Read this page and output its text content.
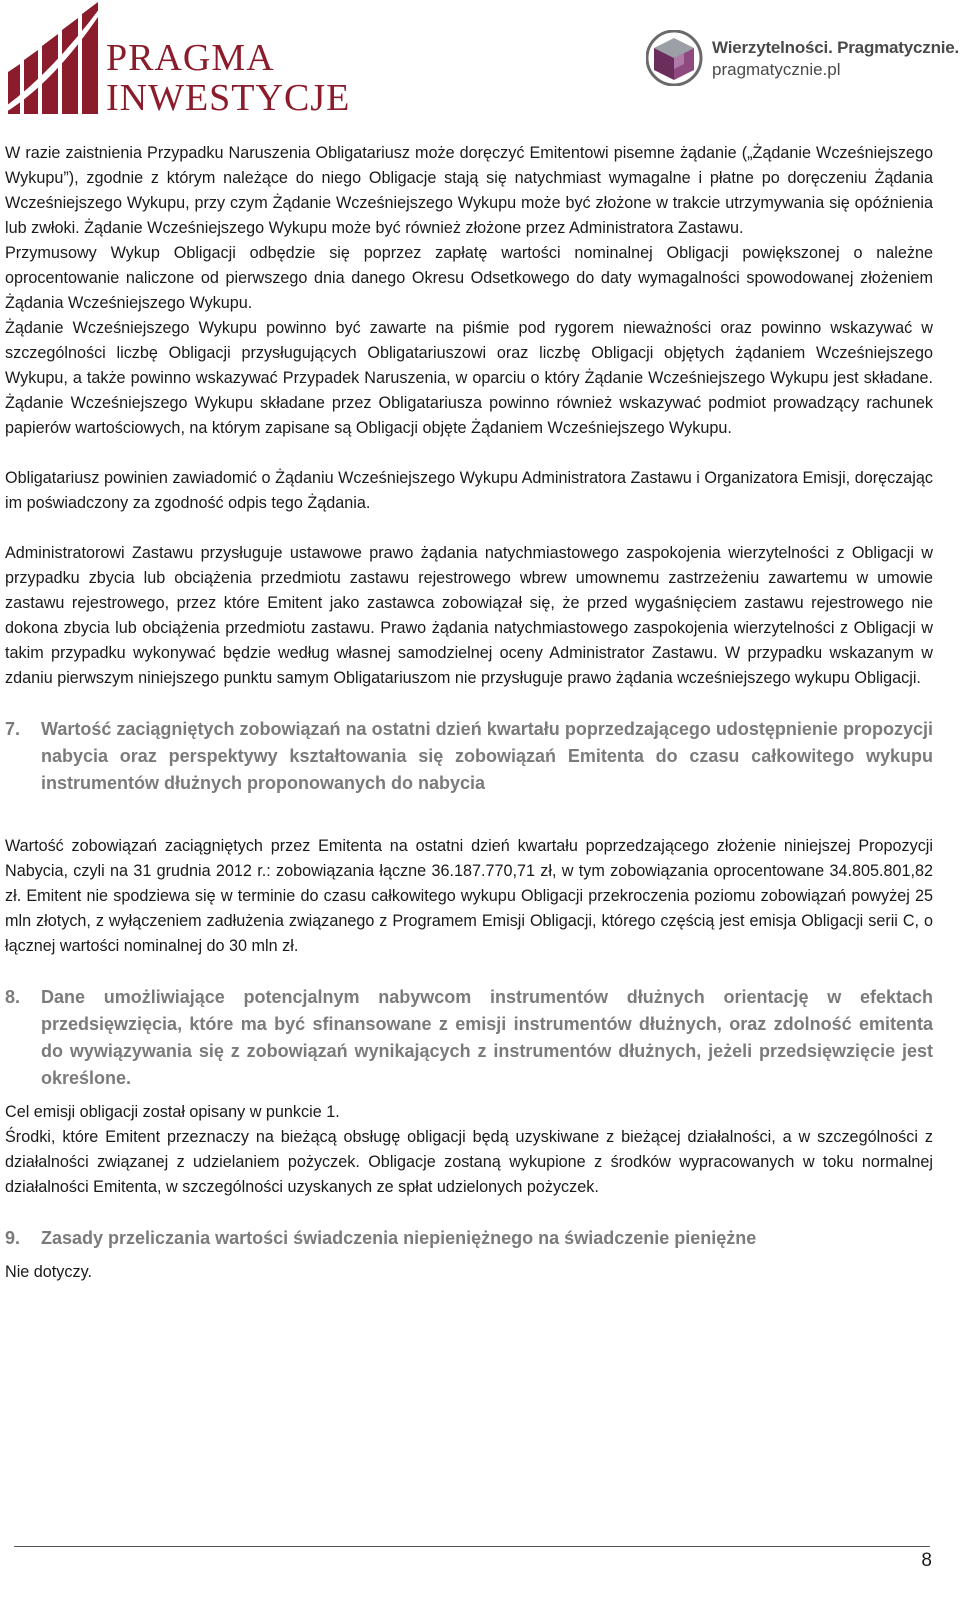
PRAGMA
INWESTYCJE
Wierzytelności. Pragmatycznie.
pragmatycznie.pl

W razie zaistnienia Przypadku Naruszenia Obligatariusz może doręczyć Emitentowi pisemne żądanie („Żądanie Wcześniejszego Wykupu”), zgodnie z którym należące do niego Obligacje stają się natychmiast wymagalne i płatne po doręczeniu Żądania Wcześniejszego Wykupu, przy czym Żądanie Wcześniejszego Wykupu może być złożone w trakcie utrzymywania się opóźnienia lub zwłoki. Żądanie Wcześniejszego Wykupu może być również złożone przez Administratora Zastawu.

Przymusowy Wykup Obligacji odbędzie się poprzez zapłatę wartości nominalnej Obligacji powiększonej o należne oprocentowanie naliczone od pierwszego dnia danego Okresu Odsetkowego do daty wymagalności spowodowanej złożeniem Żądania Wcześniejszego Wykupu.

Żądanie Wcześniejszego Wykupu powinno być zawarte na piśmie pod rygorem nieważności oraz powinno wskazywać w szczególności liczbę Obligacji przysługujących Obligatariuszowi oraz liczbę Obligacji objętych żądaniem Wcześniejszego Wykupu, a także powinno wskazywać Przypadek Naruszenia, w oparciu o który Żądanie Wcześniejszego Wykupu jest składane. Żądanie Wcześniejszego Wykupu składane przez Obligatariusza powinno również wskazywać podmiot prowadzący rachunek papierów wartościowych, na którym zapisane są Obligacji objęte Żądaniem Wcześniejszego Wykupu.

Obligatariusz powinien zawiadomić o Żądaniu Wcześniejszego Wykupu Administratora Zastawu i Organizatora Emisji, doręczając im poświadczony za zgodność odpis tego Żądania.

Administratorowi Zastawu przysługuje ustawowe prawo żądania natychmiastowego zaspokojenia wierzytelności z Obligacji w przypadku zbycia lub obciążenia przedmiotu zastawu rejestrowego wbrew umownemu zastrzeżeniu zawartemu w umowie zastawu rejestrowego, przez które Emitent jako zastawca zobowiązał się, że przed wygaśnięciem zastawu rejestrowego nie dokona zbycia lub obciążenia przedmiotu zastawu. Prawo żądania natychmiastowego zaspokojenia wierzytelności z Obligacji w takim przypadku wykonywać będzie według własnej samodzielnej oceny Administrator Zastawu. W przypadku wskazanym w zdaniu pierwszym niniejszego punktu samym Obligatariuszom nie przysługuje prawo żądania wcześniejszego wykupu Obligacji.

7. Wartość zaciągniętych zobowiązań na ostatni dzień kwartału poprzedzającego udostępnienie propozycji nabycia oraz perspektywy kształtowania się zobowiązań Emitenta do czasu całkowitego wykupu instrumentów dłużnych proponowanych do nabycia

Wartość zobowiązań zaciągniętych przez Emitenta na ostatni dzień kwartału poprzedzającego złożenie niniejszej Propozycji Nabycia, czyli na 31 grudnia 2012 r.: zobowiązania łączne 36.187.770,71 zł, w tym zobowiązania oprocentowane 34.805.801,82 zł. Emitent nie spodziewa się w terminie do czasu całkowitego wykupu Obligacji przekroczenia poziomu zobowiązań powyżej 25 mln złotych, z wyłączeniem zadłużenia związanego z Programem Emisji Obligacji, którego częścią jest emisja Obligacji serii C, o łącznej wartości nominalnej do 30 mln zł.

8. Dane umożliwiające potencjalnym nabywcom instrumentów dłużnych orientację w efektach przedsięwzięcia, które ma być sfinansowane z emisji instrumentów dłużnych, oraz zdolność emitenta do wywiązywania się z zobowiązań wynikających z instrumentów dłużnych, jeżeli przedsięwzięcie jest określone.

Cel emisji obligacji został opisany w punkcie 1.

Środki, które Emitent przeznaczy na bieżącą obsługę obligacji będą uzyskiwane z bieżącej działalności, a w szczególności z działalności związanej z udzielaniem pożyczek. Obligacje zostaną wykupione z środków wypracowanych w toku normalnej działalności Emitenta, w szczególności uzyskanych ze spłat udzielonych pożyczek.

9. Zasady przeliczania wartości świadczenia niepieniężnego na świadczenie pieniężne

Nie dotyczy.

8
